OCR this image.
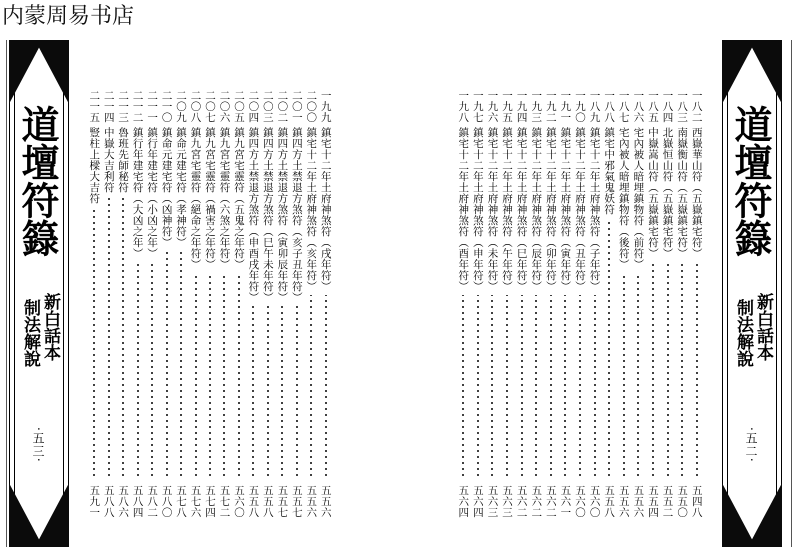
内蒙周易书店
道壇符籙
新白話本
制法解說
‧五三‧
一九九 鎮宅十二年土府神煞符（戌年符）
五五六
二〇〇 鎮宅十二年土府神煞符（亥年符）
五五六
二〇一 鎮四方土禁退方煞符（亥子丑年符）
五五七
二〇二 鎮四方土禁退方煞符（寅卯辰年符）
五五七
二〇三 鎮四方土禁退方煞符（巳午未年符）
五五八
二〇四 鎮四方土禁退方煞符（申酉戌年符）
五五八
二〇五 鎮九宮宅靈符（五鬼之年符）
五六〇
二〇六 鎮九宮宅靈符（六煞之年符）
五七二
二〇七 鎮九宮宅靈符（禍害之年符）
五七四
二〇八 鎮九宮宅靈符（絕命之年符）
五七六
二〇九 鎮命元建宅符（孝神符）
五七八
二一〇 鎮命元建宅符（凶神符）
五八〇
二一一 鎮行年建宅符（小凶之年）
五八二
二一二 鎮行年建宅符（大凶之年）
五八四
二一三 魯班先師秘符
五八六
二一四 中嶽大吉利符
五八八
二一五 豎柱上樑大吉符
五九一
一八二 西嶽華山符（五嶽鎮宅符）
五四八
一八三 南嶽衡山符（五嶽鎮宅符）
五五〇
一八四 北嶽恒山符（五嶽鎮宅符）
五五二
一八五 中嶽嵩山符（五嶽鎮宅符）
五五四
一八六 宅內被人暗埋鎮物符（前符）
五五六
一八七 宅內被人暗埋鎮物符（後符）
五五六
一八八 鎮宅中邪氣鬼妖符
五五八
一八九 鎮宅十二年土府神煞符（子年符）
五六〇
一九〇 鎮宅十二年土府神煞符（丑年符）
五六〇
一九一 鎮宅十二年土府神煞符（寅年符）
五六一
一九二 鎮宅十二年土府神煞符（卯年符）
五六二
一九三 鎮宅十二年土府神煞符（辰年符）
五六二
一九四 鎮宅十二年土府神煞符（巳年符）
五六二
一九五 鎮宅十二年土府神煞符（午年符）
五六三
一九六 鎮宅十二年土府神煞符（未年符）
五六三
一九七 鎮宅十二年土府神煞符（申年符）
五六四
一九八 鎮宅十二年土府神煞符（酉年符）
五六四
道壇符籙
新白話本
制法解說
‧五二‧
